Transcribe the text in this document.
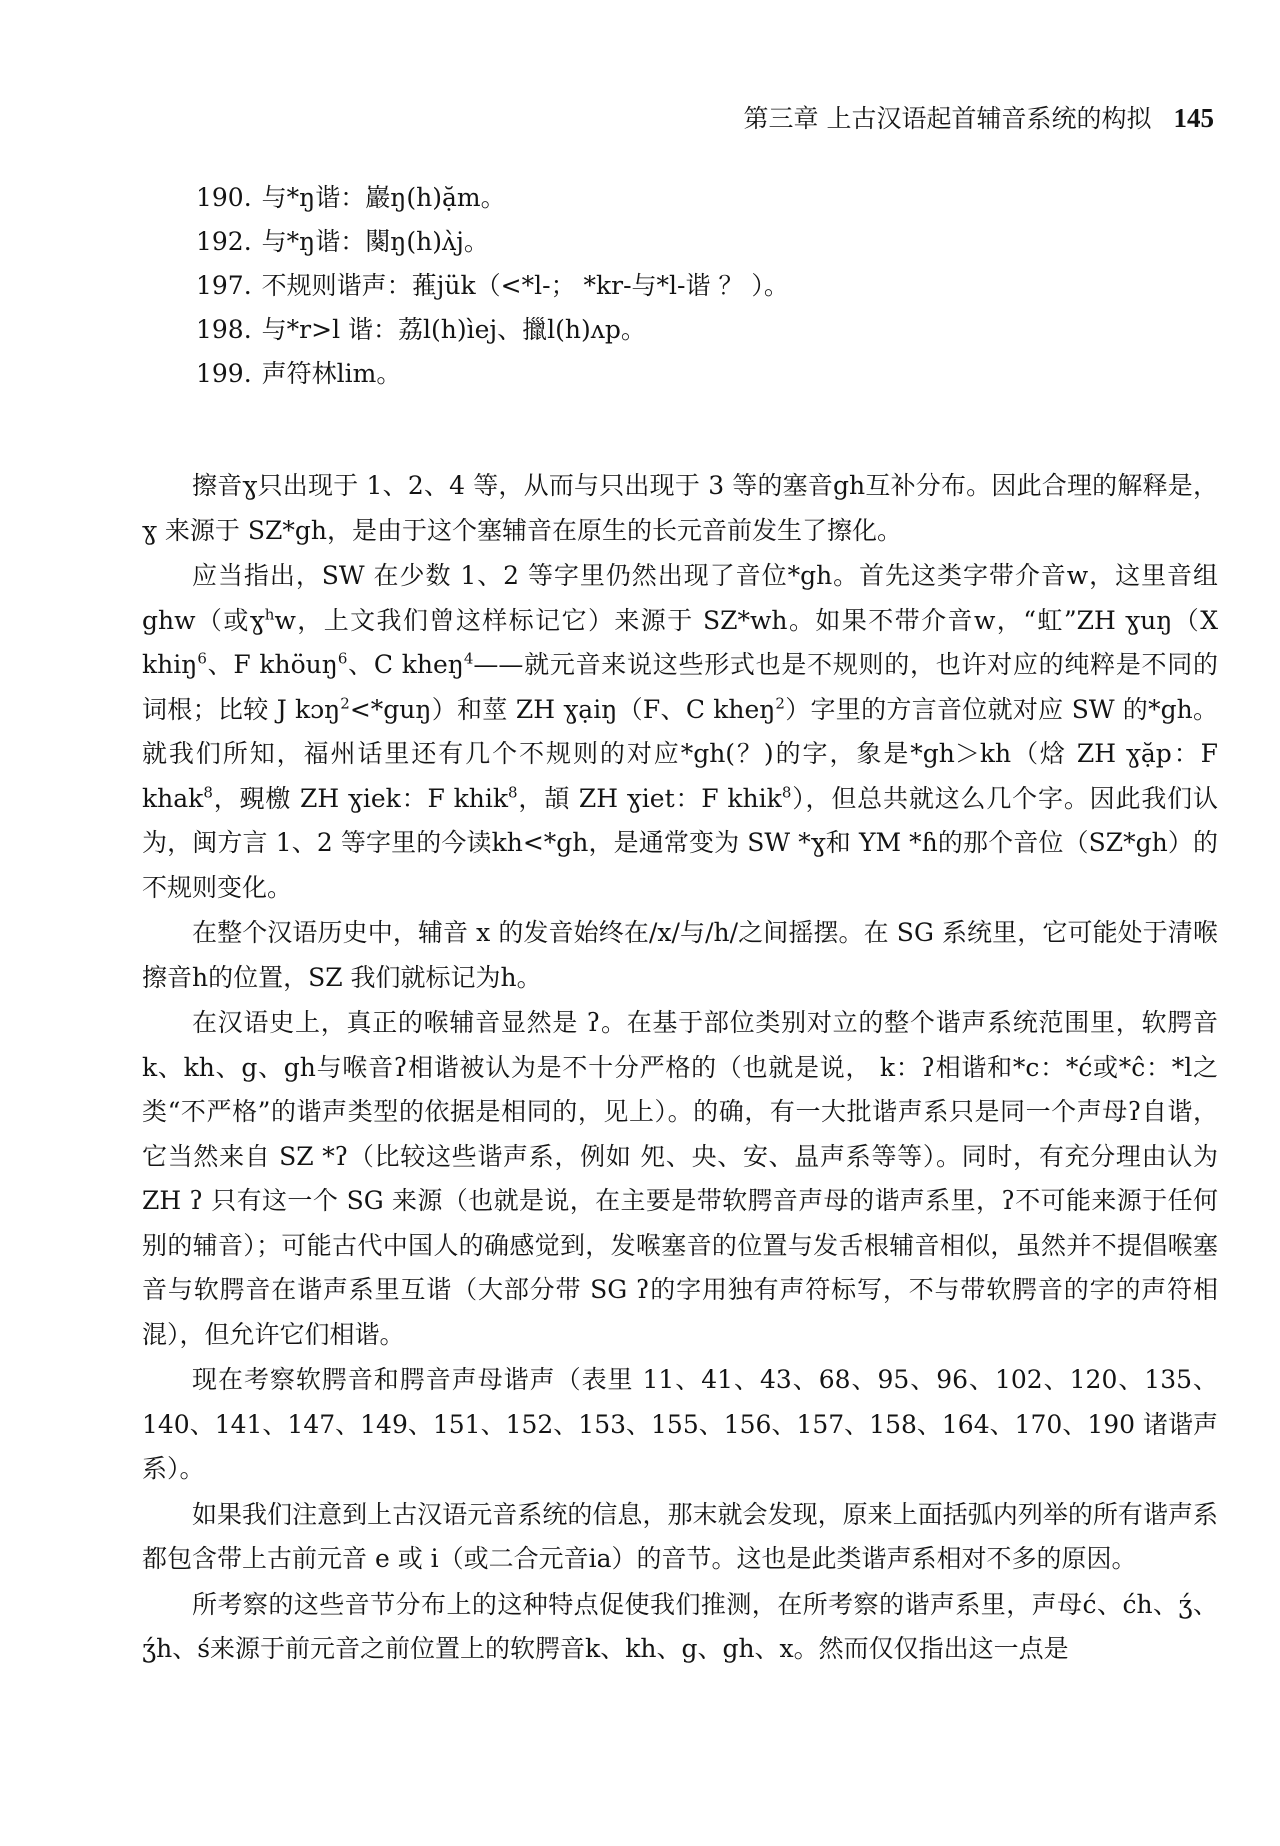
第三章 上古汉语起首辅音系统的构拟 145
190. 与*ŋ谐：巖ŋ(h)ặm。
192. 与*ŋ谐：闋ŋ(h)ʌ̀j。
197. 不规则谐声：蓷jük（<*l-； *kr-与*l-谐 ？ ）。
198. 与*r>l 谐：荔l(h)ìej、擸l(h)ʌp。
199. 声符林lim。

擦音ɣ只出现于 1、2、4 等，从而与只出现于 3 等的塞音gh互补分布。因此合理的解释是，ɣ 来源于 SZ*gh，是由于这个塞辅音在原生的长元音前发生了擦化。

应当指出，SW 在少数 1、2 等字里仍然出现了音位*gh。首先这类字带介音w，这里音组ghw（或ɣ$^h$w，上文我们曾这样标记它）来源于 SZ*wh。如果不带介音w，“虹”ZH ɣuŋ（X khiŋ$^6$、F khöuŋ$^6$、C kheŋ$^4$——就元音来说这些形式也是不规则的，也许对应的纯粹是不同的词根；比较 J kɔŋ$^2$<*guŋ）和莖 ZH ɣạiŋ（F、C kheŋ$^2$）字里的方言音位就对应 SW 的*gh。就我们所知，福州话里还有几个不规则的对应*gh(？)的字，象是*gh＞kh（焓 ZH ɣặp：F khak$^8$，覡檄 ZH ɣiek：F khik$^8$，頡 ZH ɣiet：F khik$^8$），但总共就这么几个字。因此我们认为，闽方言 1、2 等字里的今读kh<*gh，是通常变为 SW *ɣ和 YM *ɦ的那个音位（SZ*gh）的不规则变化。

在整个汉语历史中，辅音 x 的发音始终在/x/与/h/之间摇摆。在 SG 系统里，它可能处于清喉擦音h的位置，SZ 我们就标记为h。

在汉语史上，真正的喉辅音显然是 ʔ。在基于部位类别对立的整个谐声系统范围里，软腭音k、kh、g、gh与喉音ʔ相谐被认为是不十分严格的（也就是说， k：ʔ相谐和*c：*ć或*ĉ：*l之类“不严格”的谐声类型的依据是相同的，见上）。的确，有一大批谐声系只是同一个声母ʔ自谐，它当然来自 SZ *ʔ（比较这些谐声系，例如 夗、央、安、昷声系等等）。同时，有充分理由认为 ZH ʔ 只有这一个 SG 来源（也就是说，在主要是带软腭音声母的谐声系里，ʔ不可能来源于任何别的辅音）；可能古代中国人的确感觉到，发喉塞音的位置与发舌根辅音相似，虽然并不提倡喉塞音与软腭音在谐声系里互谐（大部分带 SG ʔ的字用独有声符标写，不与带软腭音的字的声符相混），但允许它们相谐。

现在考察软腭音和腭音声母谐声（表里 11、41、43、68、95、96、102、120、135、140、141、147、149、151、152、153、155、156、157、158、164、170、190 诸谐声系）。

如果我们注意到上古汉语元音系统的信息，那末就会发现，原来上面括弧内列举的所有谐声系都包含带上古前元音 e 或 i（或二合元音ia）的音节。这也是此类谐声系相对不多的原因。

所考察的这些音节分布上的这种特点促使我们推测，在所考察的谐声系里，声母ć、ćh、ʒ́、ʒ́h、ś来源于前元音之前位置上的软腭音k、kh、g、gh、x。然而仅仅指出这一点是
